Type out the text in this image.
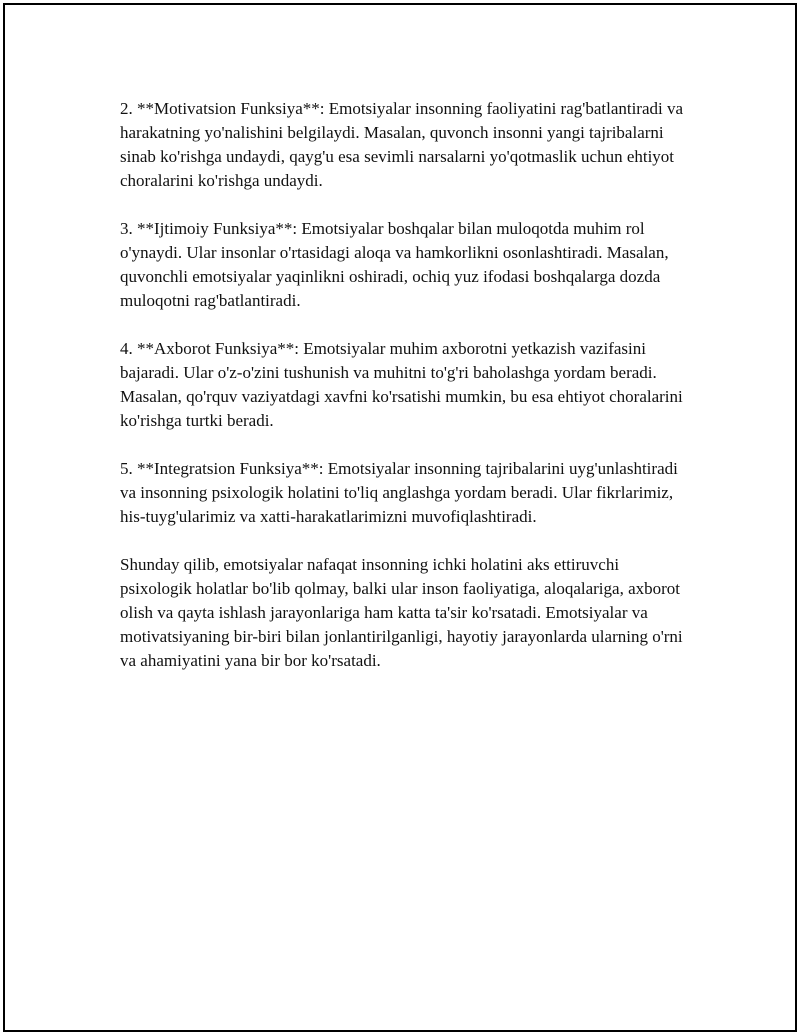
2. **Motivatsion Funksiya**: Emotsiyalar insonning faoliyatini rag'batlantiradi va harakatning yo'nalishini belgilaydi. Masalan, quvonch insonni yangi tajribalarni sinab ko'rishga undaydi, qayg'u esa sevimli narsalarni yo'qotmaslik uchun ehtiyot choralarini ko'rishga undaydi.

3. **Ijtimoiy Funksiya**: Emotsiyalar boshqalar bilan muloqotda muhim rol o'ynaydi. Ular insonlar o'rtasidagi aloqa va hamkorlikni osonlashtiradi. Masalan, quvonchli emotsiyalar yaqinlikni oshiradi, ochiq yuz ifodasi boshqalarga dozda muloqotni rag'batlantiradi.

4. **Axborot Funksiya**: Emotsiyalar muhim axborotni yetkazish vazifasini bajaradi. Ular o'z-o'zini tushunish va muhitni to'g'ri baholashga yordam beradi. Masalan, qo'rquv vaziyatdagi xavfni ko'rsatishi mumkin, bu esa ehtiyot choralarini ko'rishga turtki beradi.

5. **Integratsion Funksiya**: Emotsiyalar insonning tajribalarini uyg'unlashtiradi va insonning psixologik holatini to'liq anglashga yordam beradi. Ular fikrlarimiz, his-tuyg'ularimiz va xatti-harakatlarimizni muvofiqlashtiradi.

Shunday qilib, emotsiyalar nafaqat insonning ichki holatini aks ettiruvchi psixologik holatlar bo'lib qolmay, balki ular inson faoliyatiga, aloqalariga, axborot olish va qayta ishlash jarayonlariga ham katta ta'sir ko'rsatadi. Emotsiyalar va motivatsiyaning bir-biri bilan jonlantirilganligi, hayotiy jarayonlarda ularning o'rni va ahamiyatini yana bir bor ko'rsatadi.
